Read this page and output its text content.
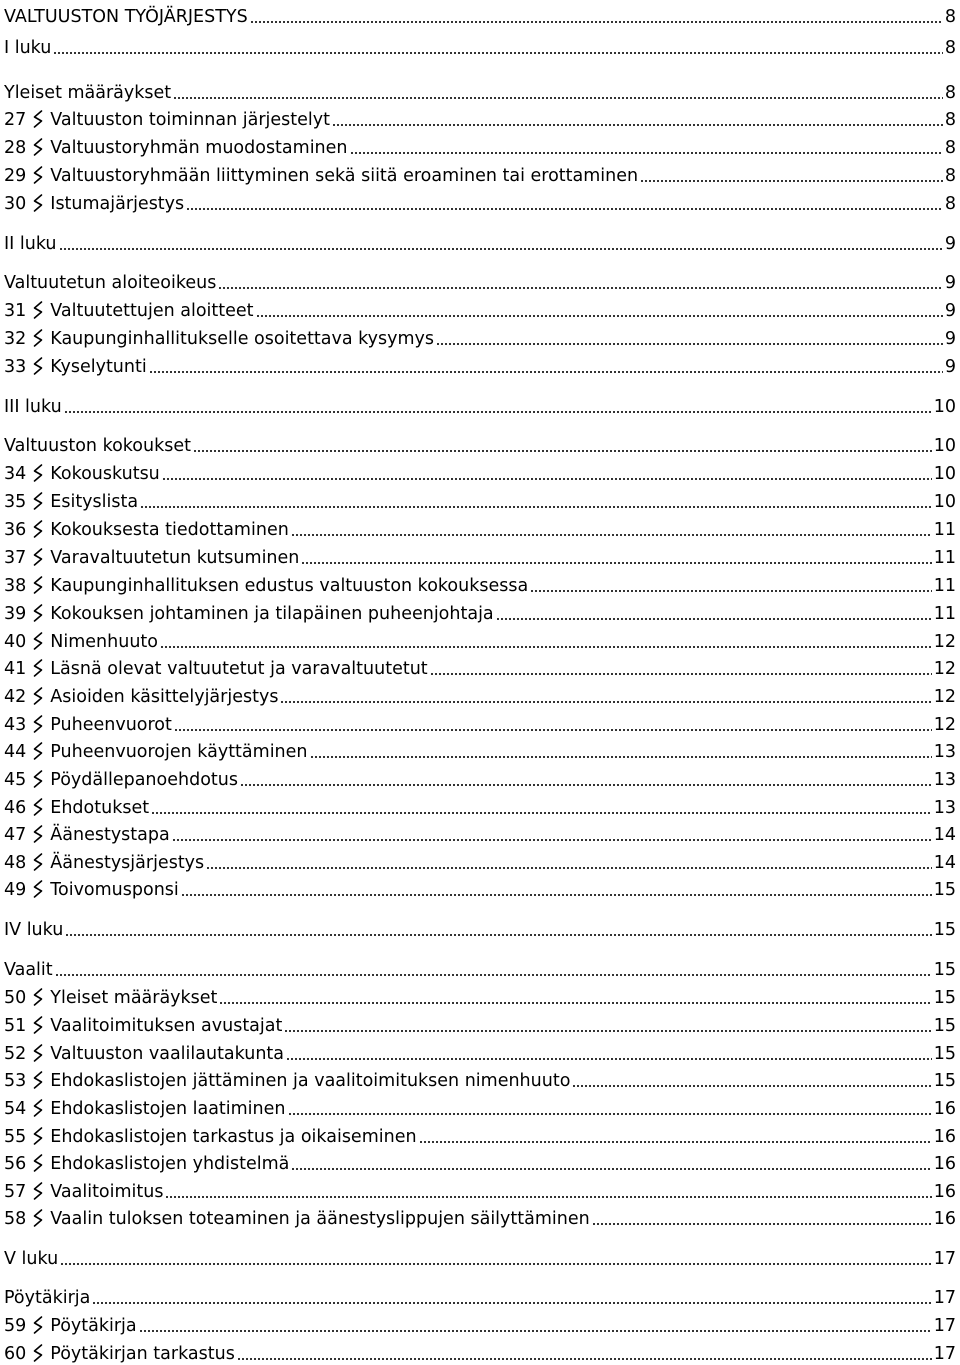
VALTUUSTON TYÖJÄRJESTYS	8
I luku	8
Yleiset määräykset	8
27	Valtuuston toiminnan järjestelyt	8
28	Valtuustoryhmän muodostaminen	8
29	Valtuustoryhmään liittyminen sekä siitä eroaminen tai erottaminen	8
30	Istumajärjestys	8
II luku	9
Valtuutetun aloiteoikeus	9
31	Valtuutettujen aloitteet	9
32	Kaupunginhallitukselle osoitettava kysymys	9
33	Kyselytunti	9
III luku	10
Valtuuston kokoukset	10
34	Kokouskutsu	10
35	Esityslista	10
36	Kokouksesta tiedottaminen	11
37	Varavaltuutetun kutsuminen	11
38	Kaupunginhallituksen edustus valtuuston kokouksessa	11
39	Kokouksen johtaminen ja tilapäinen puheenjohtaja	11
40	Nimenhuuto	12
41	Läsnä olevat valtuutetut ja varavaltuutetut	12
42	Asioiden käsittelyjärjestys	12
43	Puheenvuorot	12
44	Puheenvuorojen käyttäminen	13
45	Pöydällepanoehdotus	13
46	Ehdotukset	13
47	Äänestystapa	14
48	Äänestysjärjestys	14
49	Toivomusponsi	15
IV luku	15
Vaalit	15
50	Yleiset määräykset	15
51	Vaalitoimituksen avustajat	15
52	Valtuuston vaalilautakunta	15
53	Ehdokaslistojen jättäminen ja vaalitoimituksen nimenhuuto	15
54	Ehdokaslistojen laatiminen	16
55	Ehdokaslistojen tarkastus ja oikaiseminen	16
56	Ehdokaslistojen yhdistelmä	16
57	Vaalitoimitus	16
58	Vaalin tuloksen toteaminen ja äänestyslippujen säilyttäminen	16
V luku	17
Pöytäkirja	17
59	Pöytäkirja	17
60	Pöytäkirjan tarkastus	17
